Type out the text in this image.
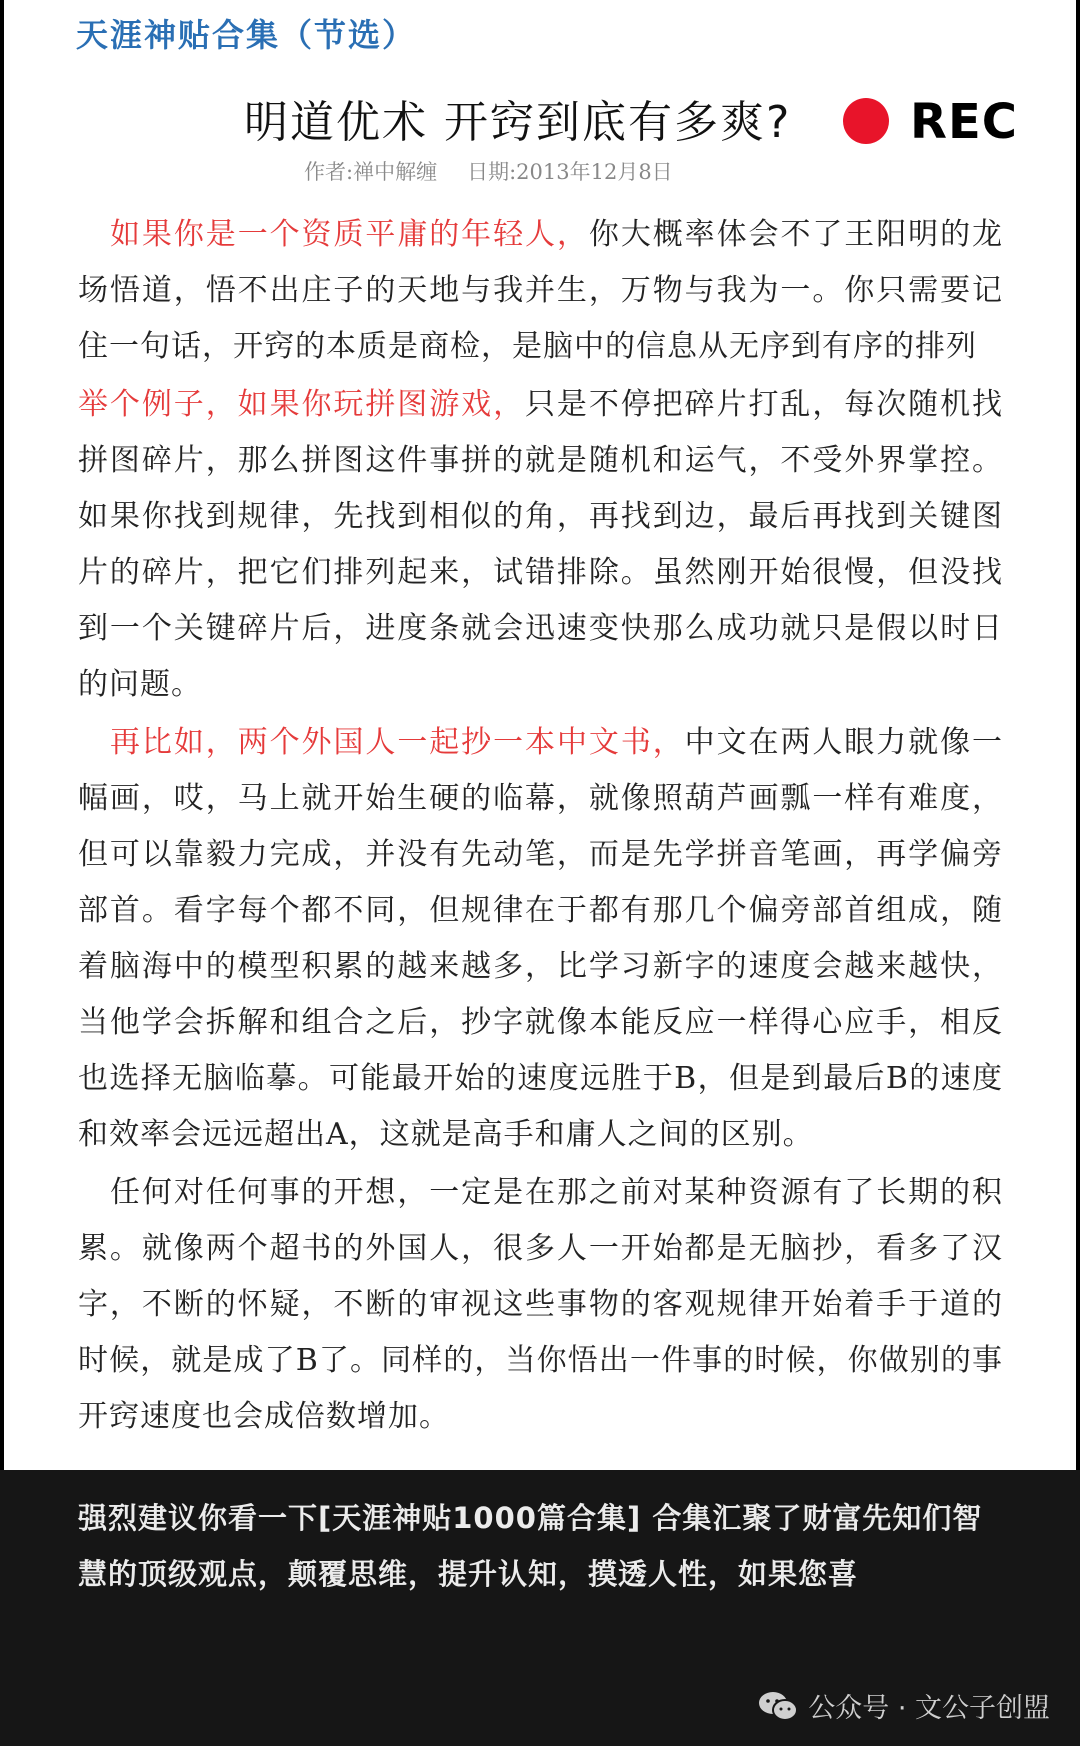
天涯神贴合集（节选）
明道优术 开窍到底有多爽? REC
作者:禅中解缠 日期:2013年12月8日

如果你是一个资质平庸的年轻人，你大概率体会不了王阳明的龙场悟道，悟不出庄子的天地与我并生，万物与我为一。你只需要记住一句话，开窍的本质是商检，是脑中的信息从无序到有序的排列

举个例子，如果你玩拼图游戏，只是不停把碎片打乱，每次随机找拼图碎片，那么拼图这件事拼的就是随机和运气，不受外界掌控。如果你找到规律，先找到相似的角，再找到边，最后再找到关键图片的碎片，把它们排列起来，试错排除。虽然刚开始很慢，但没找到一个关键碎片后，进度条就会迅速变快那么成功就只是假以时日的问题。

再比如，两个外国人一起抄一本中文书，中文在两人眼力就像一幅画，哎，马上就开始生硬的临幕，就像照葫芦画瓢一样有难度，但可以靠毅力完成，并没有先动笔，而是先学拼音笔画，再学偏旁部首。看字每个都不同，但规律在于都有那几个偏旁部首组成，随着脑海中的模型积累的越来越多，比学习新字的速度会越来越快，当他学会拆解和组合之后，抄字就像本能反应一样得心应手，相反也选择无脑临摹。可能最开始的速度远胜于B，但是到最后B的速度和效率会远远超出A，这就是高手和庸人之间的区别。

任何对任何事的开想，一定是在那之前对某种资源有了长期的积累。就像两个超书的外国人，很多人一开始都是无脑抄，看多了汉字，不断的怀疑，不断的审视这些事物的客观规律开始着手于道的时候，就是成了B了。同样的，当你悟出一件事的时候，你做别的事开窍速度也会成倍数增加。

强烈建议你看一下[天涯神贴1000篇合集] 合集汇聚了财富先知们智慧的顶级观点，颠覆思维，提升认知，摸透人性，如果您喜
公众号 · 文公子创盟
